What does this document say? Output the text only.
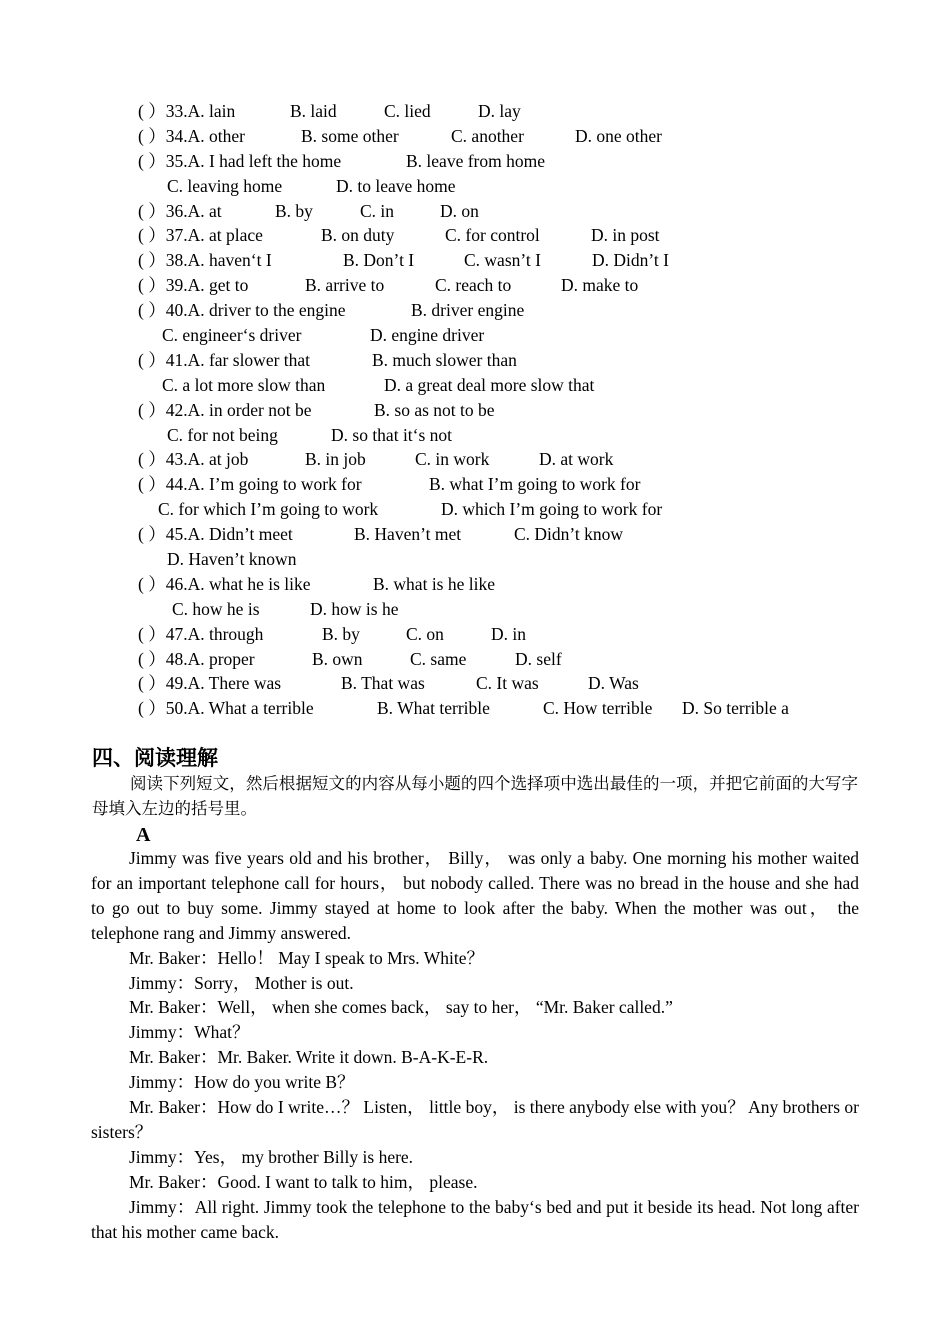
( ）33.A. lain	B. laid	C. lied	D. lay
( ）34.A. other	B. some other	C. another	D. one other
( ）35.A. I had left the home	B. leave from home
C. leaving home	D. to leave home
( ）36.A. at	B. by	C. in	D. on
( ）37.A. at place	B. on duty	C. for control	D. in post
( ）38.A. haven‘t I	B. Don’t I	C. wasn’t I	D. Didn’t I
( ）39.A. get to	B. arrive to	C. reach to	D. make to
( ）40.A. driver to the engine	B. driver engine
C. engineer‘s driver	D. engine driver
( ）41.A. far slower that	B. much slower than
C. a lot more slow than	D. a great deal more slow that
( ）42.A. in order not be	B. so as not to be
C. for not being	D. so that it‘s not
( ）43.A. at job	B. in job	C. in work	D. at work
( ）44.A. I’m going to work for	B. what I’m going to work for
C. for which I’m going to work	D. which I’m going to work for
( ）45.A. Didn’t meet	B. Haven’t met	C. Didn’t know
D. Haven’t known
( ）46.A. what he is like	B. what is he like
C. how he is	D. how is he
( ）47.A. through	B. by	C. on	D. in
( ）48.A. proper	B. own	C. same	D. self
( ）49.A. There was	B. That was	C. It was	D. Was
( ）50.A. What a terrible	B. What terrible	C. How terrible D. So terrible a
四、阅读理解
阅读下列短文，然后根据短文的内容从每小题的四个选择项中选出最佳的一项，并把它前面的大写字母填入左边的括号里。
A

Jimmy was five years old and his brother， Billy， was only a baby. One morning his mother waited for an important telephone call for hours， but nobody called. There was no bread in the house and she had to go out to buy some. Jimmy stayed at home to look after the baby. When the mother was out， the telephone rang and Jimmy answered.

Mr. Baker：Hello！ May I speak to Mrs. White？

Jimmy：Sorry， Mother is out.

Mr. Baker：Well， when she comes back， say to her， “Mr. Baker called.”

Jimmy：What？

Mr. Baker：Mr. Baker. Write it down. B-A-K-E-R.

Jimmy：How do you write B？

Mr. Baker：How do I write…？ Listen， little boy， is there anybody else with you？ Any brothers or sisters？

Jimmy：Yes， my brother Billy is here.

Mr. Baker：Good. I want to talk to him， please.

Jimmy：All right. Jimmy took the telephone to the baby‘s bed and put it beside its head. Not long after that his mother came back.
